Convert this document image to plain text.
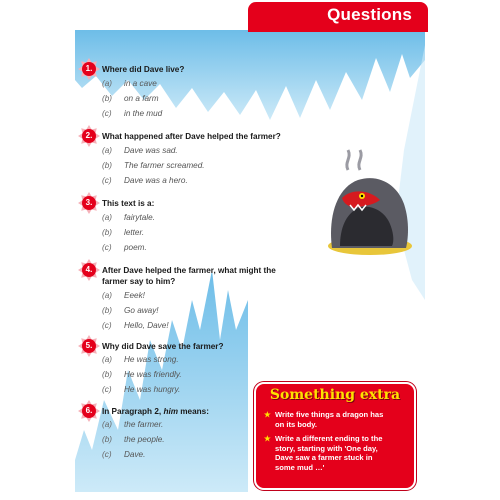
Questions
1.	Where did Dave live?
(a) in a cave
(b) on a farm
(c) in the mud
2.	What happened after Dave helped the farmer?
(a) Dave was sad.
(b) The farmer screamed.
(c) Dave was a hero.
3.	This text is a:
(a) fairytale.
(b) letter.
(c) poem.
4.	After Dave helped the farmer, what might the
farmer say to him?
(a) Eeek!
(b) Go away!
(c) Hello, Dave!
5.	Why did Dave save the farmer?
(a) He was strong.
(b) He was friendly.
(c) He was hungry.
6.	In Paragraph 2, him means:
(a) the farmer.
(b) the people.
(c) Dave.
Something extra
★ Write five things a dragon has
on its body.
★ Write a different ending to the
story, starting with 'One day,
Dave saw a farmer stuck in
some mud …'
